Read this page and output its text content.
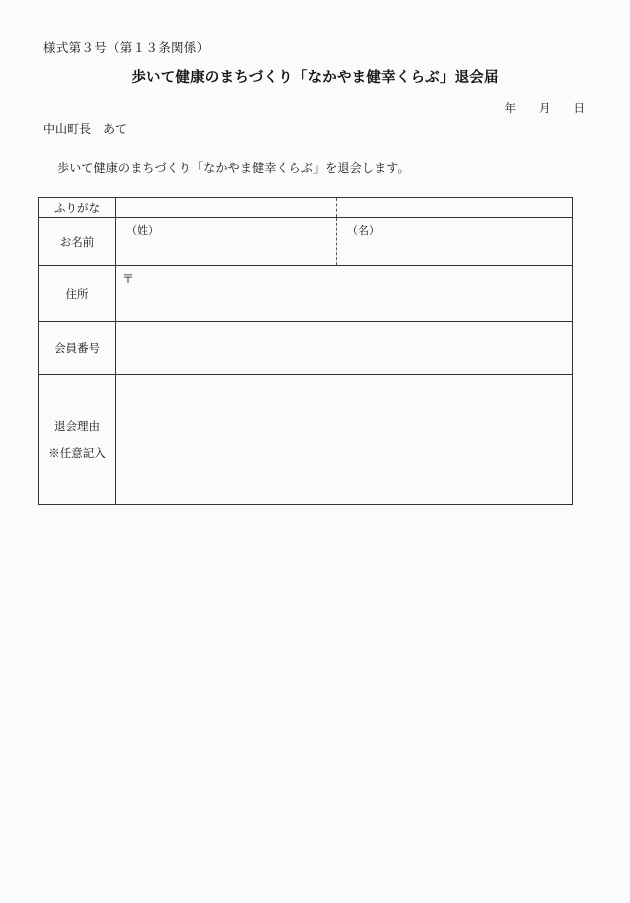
様式第３号（第１３条関係）
歩いて健康のまちづくり「なかやま健幸くらぶ」退会届
年 月 日
中山町長　あて
歩いて健康のまちづくり「なかやま健幸くらぶ」を退会します。
ふりがな		
お名前	（姓）	（名）

住所	〒	

会員番号		

退会理由
※任意記入		
